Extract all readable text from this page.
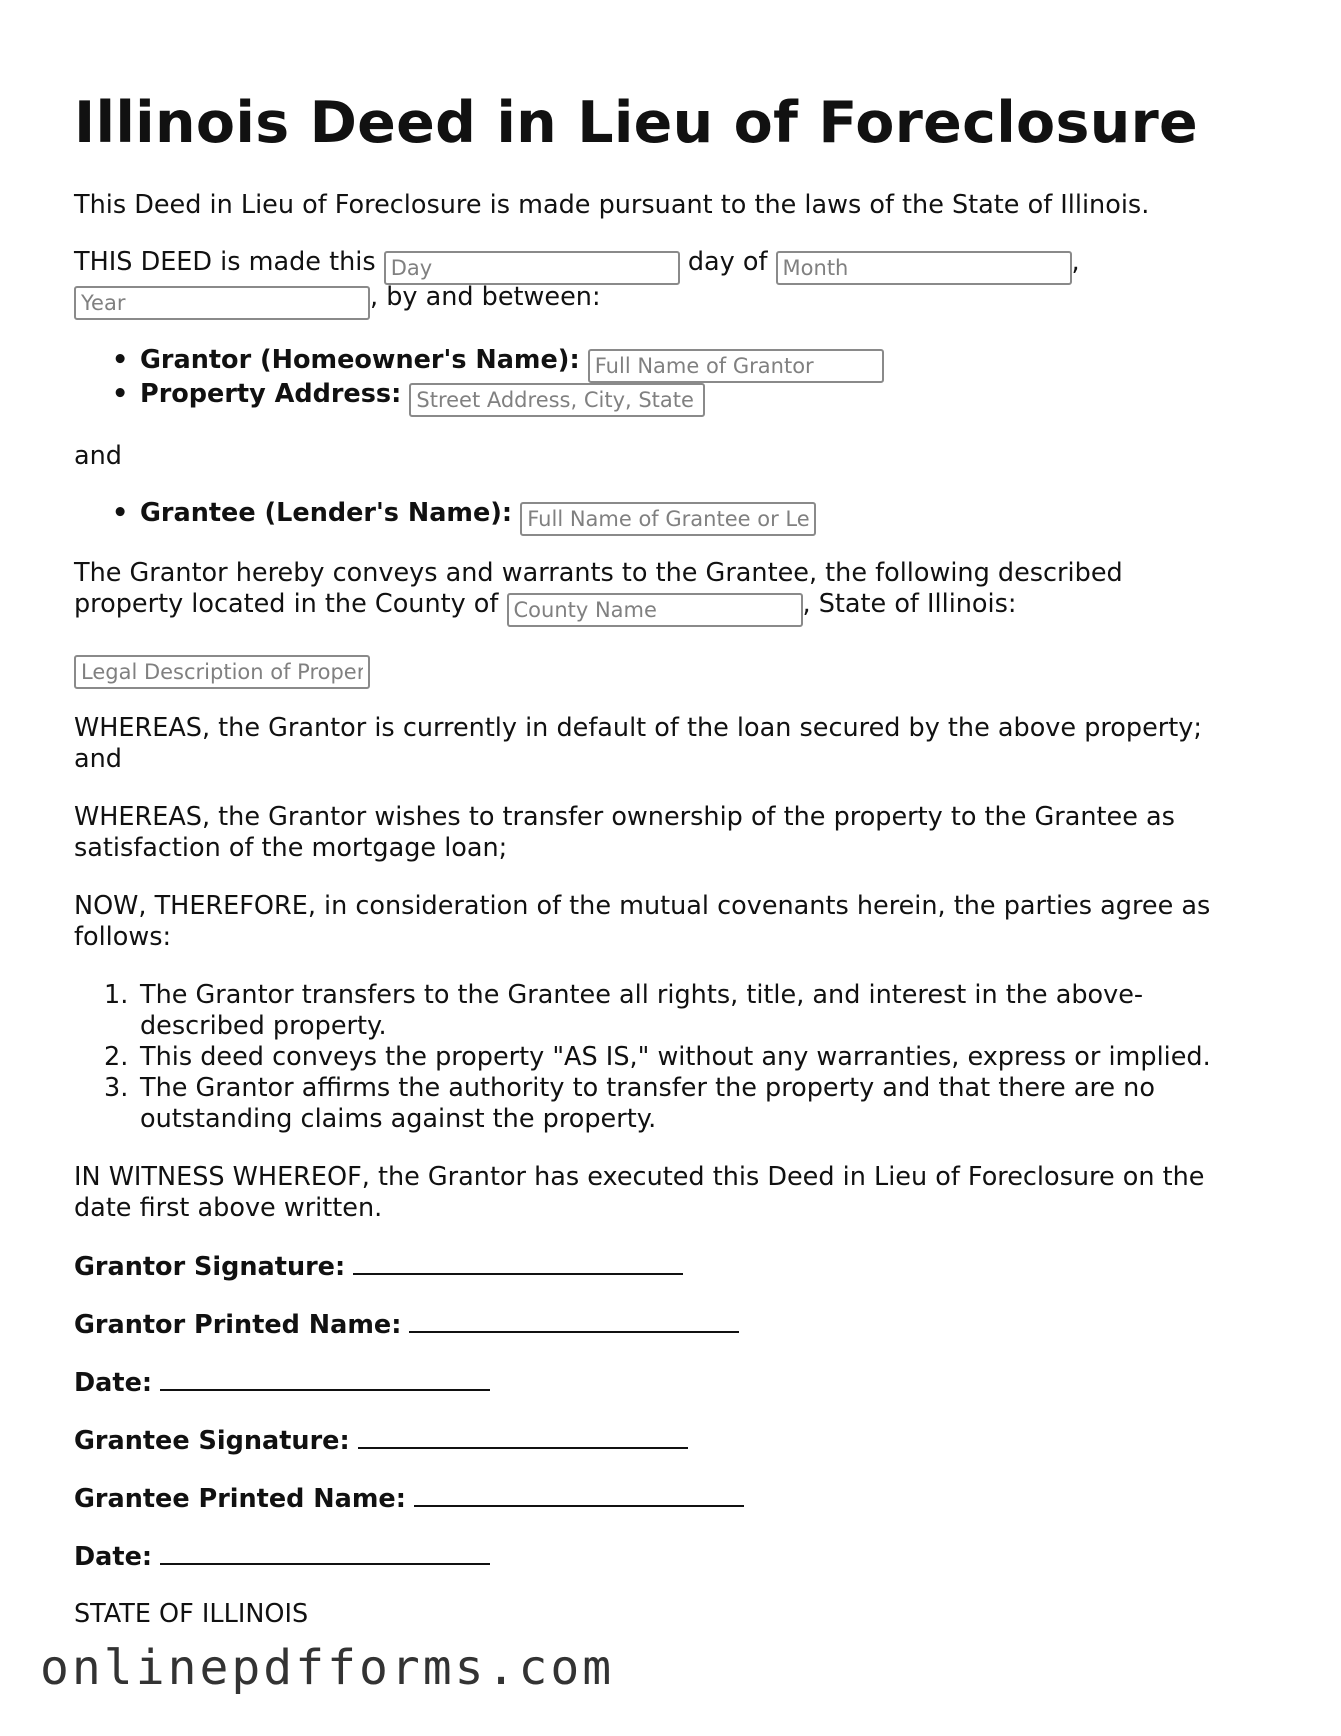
Illinois Deed in Lieu of Foreclosure

This Deed in Lieu of Foreclosure is made pursuant to the laws of the State of Illinois.

THIS DEED is made this Day	day of Month	,
Year, by and between:
• Grantor (Homeowner's Name): Full Name of Grantor
• Property Address: Street Address, City, State

and

• Grantee (Lender's Name): Full Name of Grantee or Lender

The Grantor hereby conveys and warrants to the Grantee, the following described

property located in the County of County Name	, State of Illinois:
Legal Description of Property

WHEREAS, the Grantor is currently in default of the loan secured by the above property;

and

WHEREAS, the Grantor wishes to transfer ownership of the property to the Grantee as

satisfaction of the mortgage loan;

NOW, THEREFORE, in consideration of the mutual covenants herein, the parties agree as

follows:

1. The Grantor transfers to the Grantee all rights, title, and interest in the above-
described property.
2. This deed conveys the property "AS IS," without any warranties, express or implied.
3. The Grantor affirms the authority to transfer the property and that there are no
outstanding claims against the property.

IN WITNESS WHEREOF, the Grantor has executed this Deed in Lieu of Foreclosure on the

date first above written.

Grantor Signature:
Grantor Printed Name:
Date:
Grantee Signature:
Grantee Printed Name:
Date:

STATE OF ILLINOIS

onlinepdfforms.com
